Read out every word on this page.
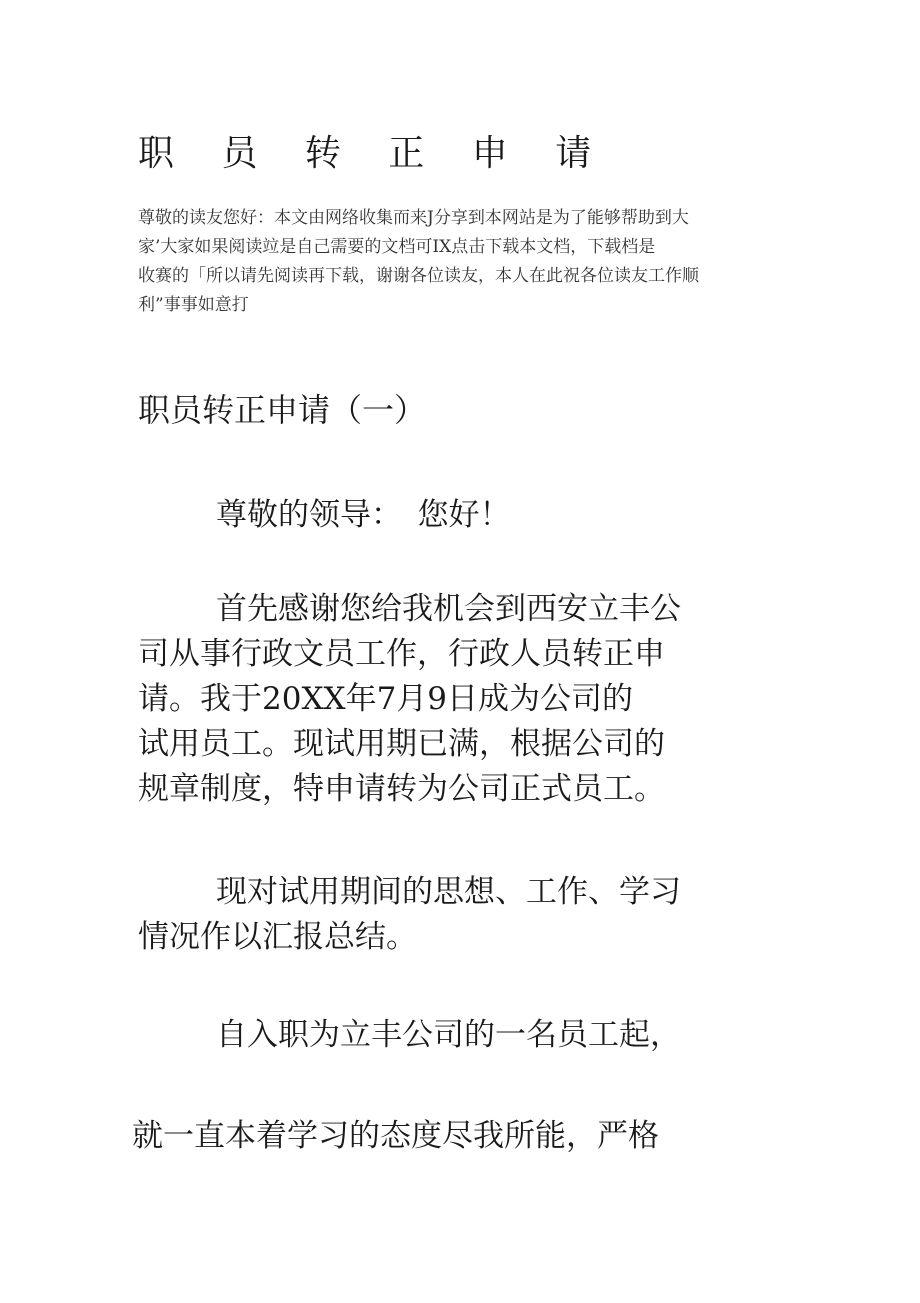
职 员 转 正 申 请
尊敬的读友您好：本文由网络收集而来J分享到本网站是为了能够帮助到大
家’大家如果阅读竝是自己需要的文档可IX点击下载本文档，下载档是
收赛的「所以请先阅读再下载，谢谢各位读友，本人在此祝各位读友工作顺
利”事事如意打
职员转正申请（一）
尊敬的领导：　您好！
首先感谢您给我机会到西安立丰公
司从事行政文员工作，行政人员转正申
请。我于20XX年7月9日成为公司的
试用员工。现试用期已满，根据公司的
规章制度，特申请转为公司正式员工。
现对试用期间的思想、工作、学习
情况作以汇报总结。
自入职为立丰公司的一名员工起，
就一直本着学习的态度尽我所能，严格
